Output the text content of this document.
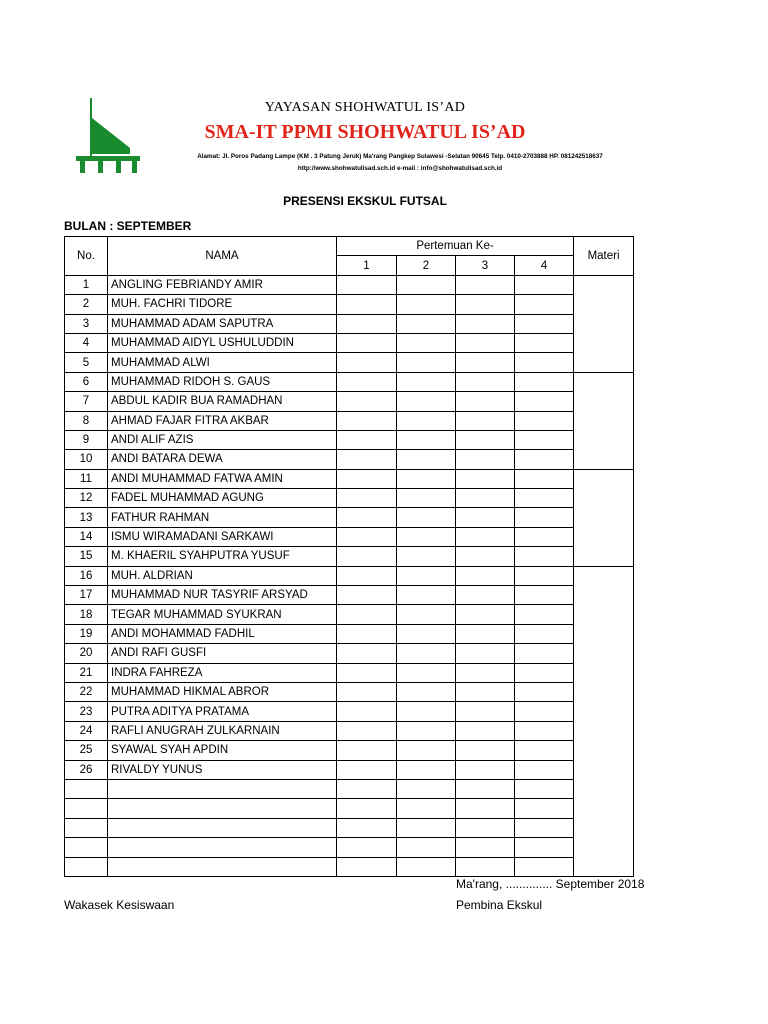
YAYASAN SHOHWATUL IS’AD
SMA-IT PPMI SHOHWATUL IS’AD
Alamat: Jl. Poros Padang Lampe (KM . 3 Patung Jeruk) Ma'rang Pangkep Sulawesi -Selatan 90645 Telp. 0410-2703888 HP. 081242518637
http://www.shohwatulisad.sch.id e-mail : info@shohwatulisad.sch.id
PRESENSI EKSKUL FUTSAL
BULAN : SEPTEMBER
No.	NAMA	Pertemuan Ke-				Materi
		1	2	3	4	
1	ANGLING FEBRIANDY AMIR					
2	MUH. FACHRI TIDORE					
3	MUHAMMAD ADAM SAPUTRA					
4	MUHAMMAD AIDYL USHULUDDIN					
5	MUHAMMAD ALWI					
6	MUHAMMAD RIDOH S. GAUS					
7	ABDUL KADIR BUA RAMADHAN					
8	AHMAD FAJAR FITRA AKBAR					
9	ANDI ALIF AZIS					
10	ANDI BATARA DEWA					
11	ANDI MUHAMMAD FATWA AMIN					
12	FADEL MUHAMMAD AGUNG					
13	FATHUR RAHMAN					
14	ISMU WIRAMADANI SARKAWI					
15	M. KHAERIL SYAHPUTRA YUSUF					
16	MUH. ALDRIAN					
17	MUHAMMAD NUR TASYRIF ARSYAD					
18	TEGAR MUHAMMAD SYUKRAN					
19	ANDI MOHAMMAD FADHIL					
20	ANDI RAFI GUSFI					
21	INDRA FAHREZA					
22	MUHAMMAD HIKMAL ABROR					
23	PUTRA ADITYA PRATAMA					
24	RAFLI ANUGRAH ZULKARNAIN					
25	SYAWAL SYAH APDIN					
26	RIVALDY YUNUS					

Ma'rang, .............. September 2018
Wakasek Kesiswaan	Pembina Ekskul
